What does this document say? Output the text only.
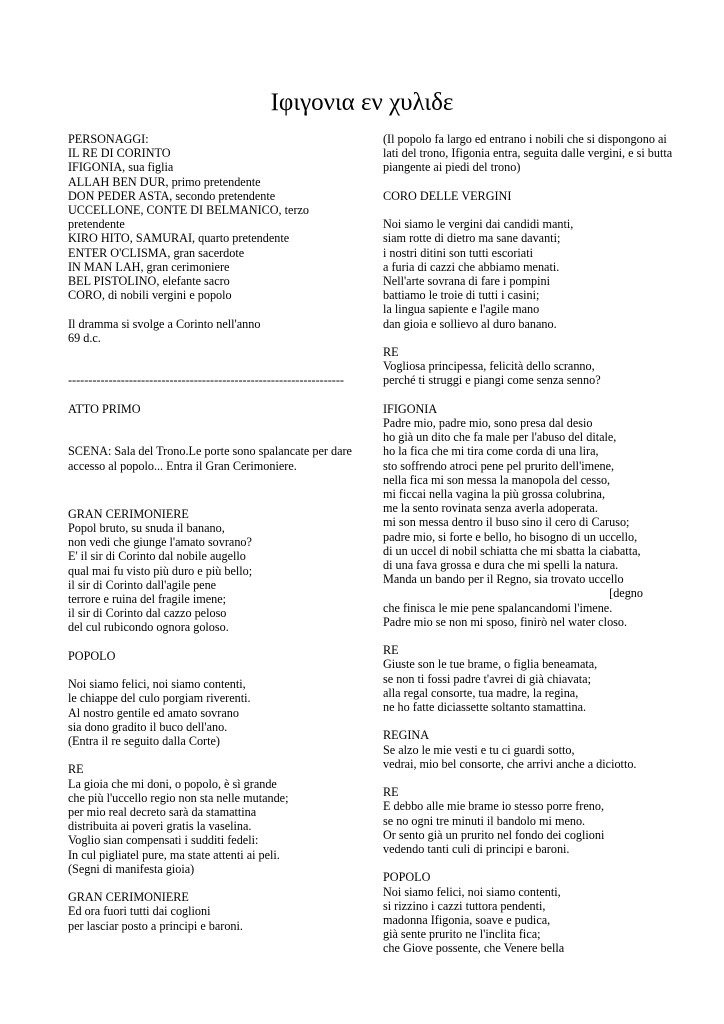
Ιφιγονια εν χυλιδε

PERSONAGGI:
IL RE DI CORINTO
IFIGONIA, sua figlia
ALLAH BEN DUR, primo pretendente
DON PEDER ASTA, secondo pretendente
UCCELLONE, CONTE DI BELMANICO, terzo pretendente
KIRO HITO, SAMURAI, quarto pretendente
ENTER O'CLISMA, gran sacerdote
IN MAN LAH, gran cerimoniere
BEL PISTOLINO, elefante sacro
CORO, di nobili vergini e popolo

Il dramma si svolge a Corinto nell'anno
69 d.c.

--------------------------------------------------------------------

ATTO PRIMO

SCENA: Sala del Trono.Le porte sono spalancate per dare accesso al popolo... Entra il Gran Cerimoniere.

GRAN CERIMONIERE
Popol bruto, su snuda il banano,
non vedi che giunge l'amato sovrano?
E' il sir di Corinto dal nobile augello
qual mai fu visto più duro e più bello;
il sir di Corinto dall'agile pene
terrore e ruina del fragile imene;
il sir di Corinto dal cazzo peloso
del cul rubicondo ognora goloso.

POPOLO

Noi siamo felici, noi siamo contenti,
le chiappe del culo porgiam riverenti.
Al nostro gentile ed amato sovrano
sia dono gradito il buco dell'ano.
(Entra il re seguito dalla Corte)

RE
La gioia che mi doni, o popolo, è sì grande
che più l'uccello regio non sta nelle mutande;
per mio real decreto sarà da stamattina
distribuita ai poveri gratis la vaselina.
Voglio sian compensati i sudditi fedeli:
In cul pigliatel pure, ma state attenti ai peli.
(Segni di manifesta gioia)

GRAN CERIMONIERE
Ed ora fuori tutti dai coglioni
per lasciar posto a principi e baroni.

(Il popolo fa largo ed entrano i nobili che si dispongono ai lati del trono, Ifigonia entra, seguita dalle vergini, e si butta piangente ai piedi del trono)

CORO DELLE VERGINI

Noi siamo le vergini dai candidi manti,
siam rotte di dietro ma sane davanti;
i nostri ditini son tutti escoriati
a furia di cazzi che abbiamo menati.
Nell'arte sovrana di fare i pompini
battiamo le troie di tutti i casini;
la lingua sapiente e l'agile mano
dan gioia e sollievo al duro banano.

RE
Vogliosa principessa, felicità dello scranno,
perché ti struggi e piangi come senza senno?

IFIGONIA
Padre mio, padre mio, sono presa dal desio
ho già un dito che fa male per l'abuso del ditale,
ho la fica che mi tira come corda di una lira,
sto soffrendo atroci pene pel prurito dell'imene,
nella fica mi son messa la manopola del cesso,
mi ficcai nella vagina la più grossa colubrina,
me la sento rovinata senza averla adoperata.
mi son messa dentro il buso sino il cero di Caruso;
padre mio, si forte e bello, ho bisogno di un uccello,
di un uccel di nobil schiatta che mi sbatta la ciabatta,
di una fava grossa e dura che mi spelli la natura.
Manda un bando per il Regno, sia trovato uccello

[degno

che finisca le mie pene spalancandomi l'imene.
Padre mio se non mi sposo, finirò nel water closo.

RE
Giuste son le tue brame, o figlia beneamata,
se non ti fossi padre t'avrei di già chiavata;
alla regal consorte, tua madre, la regina,
ne ho fatte diciassette soltanto stamattina.

REGINA
Se alzo le mie vesti e tu ci guardi sotto,
vedrai, mio bel consorte, che arrivi anche a diciotto.

RE
E debbo alle mie brame io stesso porre freno,
se no ogni tre minuti il bandolo mi meno.
Or sento già un prurito nel fondo dei coglioni
vedendo tanti culi di principi e baroni.

POPOLO
Noi siamo felici, noi siamo contenti,
si rizzino i cazzi tuttora pendenti,
madonna Ifigonia, soave e pudica,
già sente prurito ne l'inclita fica;
che Giove possente, che Venere bella
